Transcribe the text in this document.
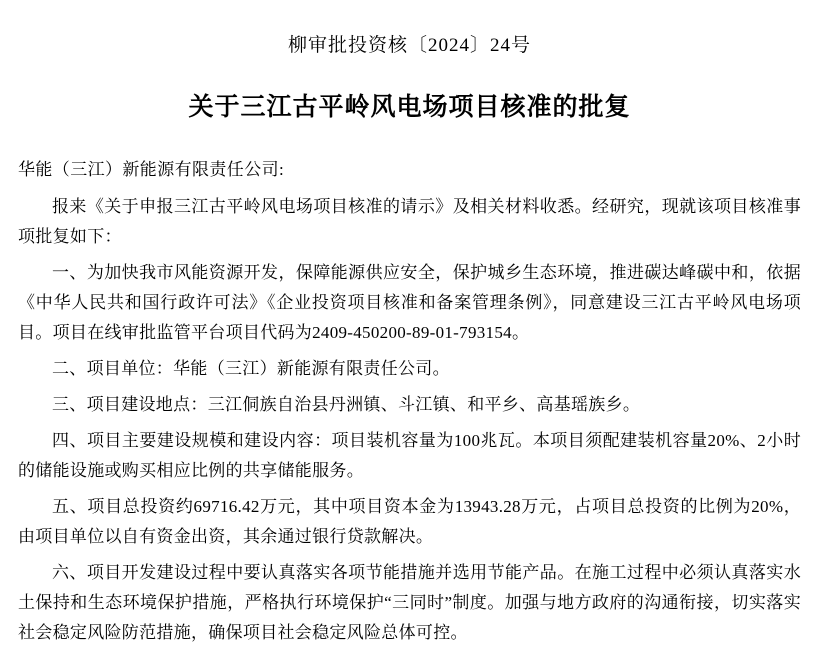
柳审批投资核〔2024〕24号
关于三江古平岭风电场项目核准的批复
华能（三江）新能源有限责任公司:

报来《关于申报三江古平岭风电场项目核准的请示》及相关材料收悉。经研究，现就该项目核准事项批复如下：

一、为加快我市风能资源开发，保障能源供应安全，保护城乡生态环境，推进碳达峰碳中和，依据《中华人民共和国行政许可法》《企业投资项目核准和备案管理条例》，同意建设三江古平岭风电场项目。项目在线审批监管平台项目代码为2409-450200-89-01-793154。

二、项目单位：华能（三江）新能源有限责任公司。

三、项目建设地点：三江侗族自治县丹洲镇、斗江镇、和平乡、高基瑶族乡。

四、项目主要建设规模和建设内容：项目装机容量为100兆瓦。本项目须配建装机容量20%、2小时的储能设施或购买相应比例的共享储能服务。

五、项目总投资约69716.42万元，其中项目资本金为13943.28万元，占项目总投资的比例为20%，由项目单位以自有资金出资，其余通过银行贷款解决。

六、项目开发建设过程中要认真落实各项节能措施并选用节能产品。在施工过程中必须认真落实水土保持和生态环境保护措施，严格执行环境保护“三同时”制度。加强与地方政府的沟通衔接，切实落实社会稳定风险防范措施，确保项目社会稳定风险总体可控。
